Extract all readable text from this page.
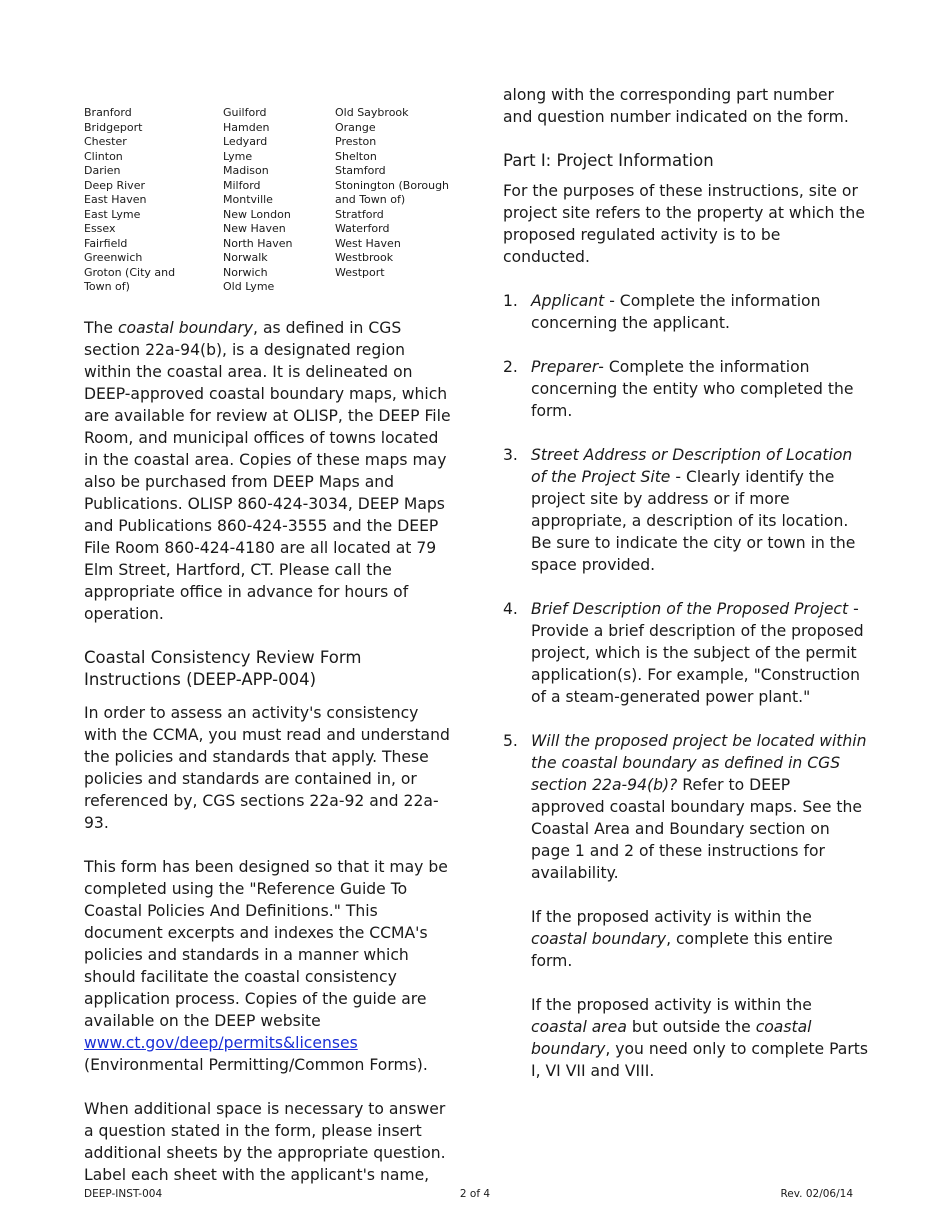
Branford
Bridgeport
Chester
Clinton
Darien
Deep River
East Haven
East Lyme
Essex
Fairfield
Greenwich
Groton (City and
Town of)
Guilford
Hamden
Ledyard
Lyme
Madison
Milford
Montville
New London
New Haven
North Haven
Norwalk
Norwich
Old Lyme
Old Saybrook
Orange
Preston
Shelton
Stamford
Stonington (Borough
and Town of)
Stratford
Waterford
West Haven
Westbrook
Westport

The coastal boundary, as defined in CGS section 22a-94(b), is a designated region within the coastal area. It is delineated on DEEP-approved coastal boundary maps, which are available for review at OLISP, the DEEP File Room, and municipal offices of towns located in the coastal area. Copies of these maps may also be purchased from DEEP Maps and Publications. OLISP 860-424-3034, DEEP Maps and Publications 860-424-3555 and the DEEP File Room 860-424-4180 are all located at 79 Elm Street, Hartford, CT. Please call the appropriate office in advance for hours of operation.

Coastal Consistency Review Form Instructions (DEEP-APP-004)

In order to assess an activity's consistency with the CCMA, you must read and understand the policies and standards that apply. These policies and standards are contained in, or referenced by, CGS sections 22a-92 and 22a-93.

This form has been designed so that it may be completed using the "Reference Guide To Coastal Policies And Definitions." This document excerpts and indexes the CCMA's policies and standards in a manner which should facilitate the coastal consistency application process. Copies of the guide are available on the DEEP website
www.ct.gov/deep/permits&licenses
(Environmental Permitting/Common Forms).

When additional space is necessary to answer a question stated in the form, please insert additional sheets by the appropriate question. Label each sheet with the applicant's name,

along with the corresponding part number and question number indicated on the form.

Part I: Project Information

For the purposes of these instructions, site or project site refers to the property at which the proposed regulated activity is to be conducted.

1. Applicant - Complete the information concerning the applicant.
2. Preparer- Complete the information concerning the entity who completed the form.
3. Street Address or Description of Location of the Project Site - Clearly identify the project site by address or if more appropriate, a description of its location. Be sure to indicate the city or town in the space provided.
4. Brief Description of the Proposed Project - Provide a brief description of the proposed project, which is the subject of the permit application(s). For example, "Construction of a steam-generated power plant."
5. Will the proposed project be located within the coastal boundary as defined in CGS section 22a-94(b)? Refer to DEEP approved coastal boundary maps. See the Coastal Area and Boundary section on page 1 and 2 of these instructions for availability.
If the proposed activity is within the coastal boundary, complete this entire form.
If the proposed activity is within the coastal area but outside the coastal boundary, you need only to complete Parts I, VI VII and VIII.
DEEP-INST-004	2 of 4	Rev. 02/06/14
